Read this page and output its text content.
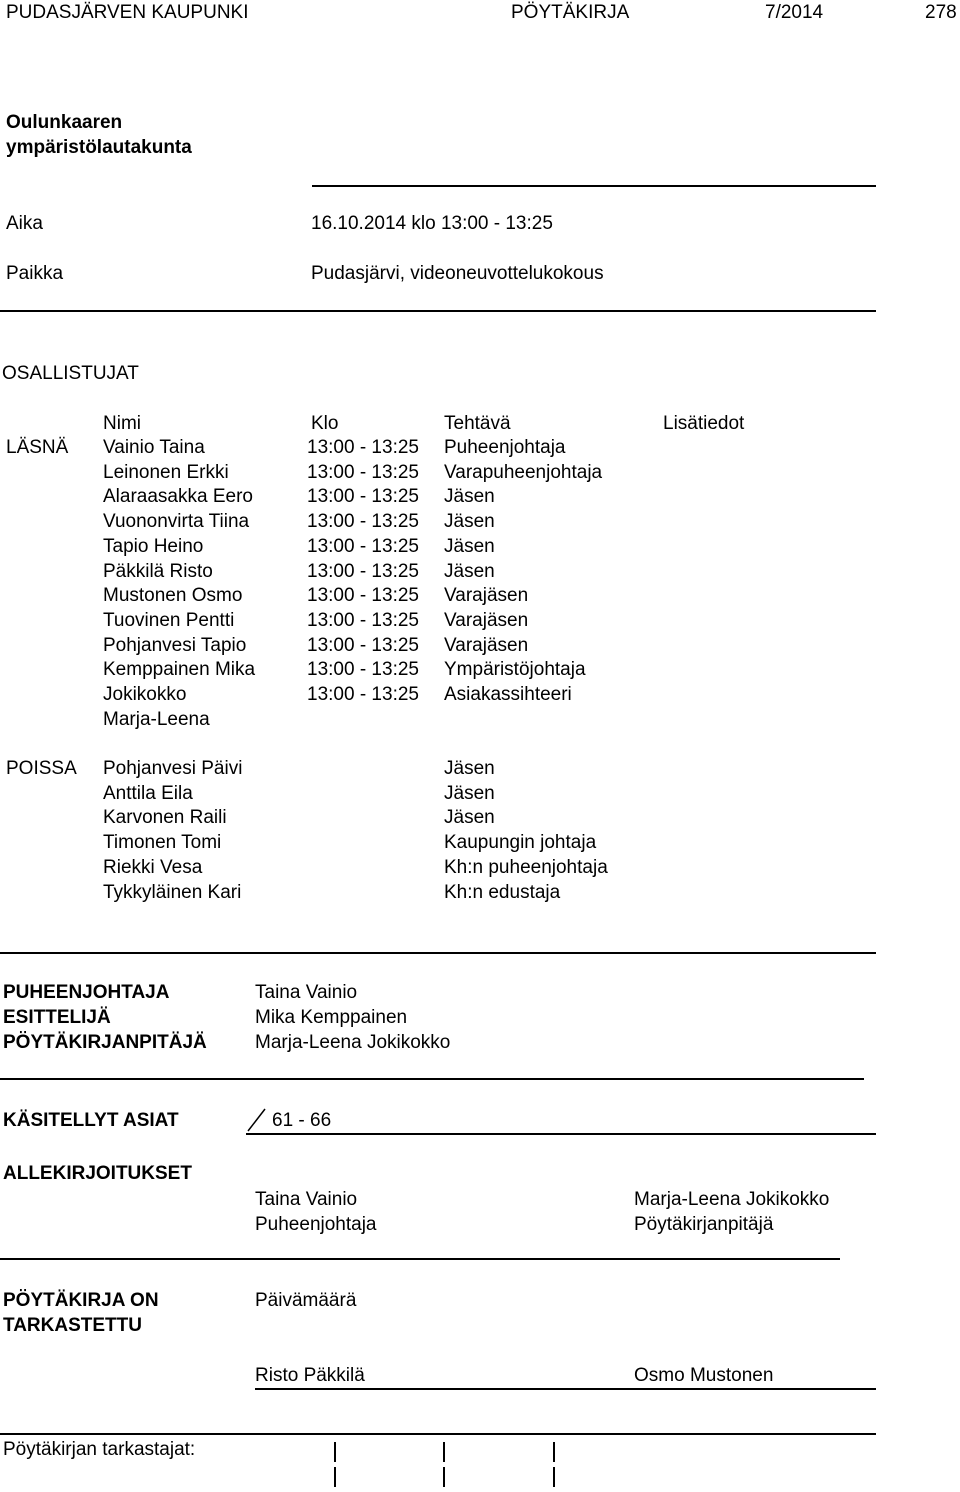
PUDASJÄRVEN KAUPUNKI	PÖYTÄKIRJA	7/2014	278
Oulunkaaren
ympäristölautakunta
Aika	16.10.2014 klo 13:00 - 13:25
Paikka	Pudasjärvi, videoneuvottelukokous
OSALLISTUJAT
Nimi	Klo	Tehtävä	Lisätiedot
LÄSNÄ Vainio Taina	13:00 - 13:25 Puheenjohtaja
Leinonen Erkki	13:00 - 13:25 Varapuheenjohtaja
Alaraasakka Eero	13:00 - 13:25 Jäsen
Vuononvirta Tiina	13:00 - 13:25 Jäsen
Tapio Heino	13:00 - 13:25 Jäsen
Päkkilä Risto	13:00 - 13:25 Jäsen
Mustonen Osmo	13:00 - 13:25 Varajäsen
Tuovinen Pentti	13:00 - 13:25 Varajäsen
Pohjanvesi Tapio	13:00 - 13:25 Varajäsen
Kemppainen Mika	13:00 - 13:25 Ympäristöjohtaja
Jokikokko	13:00 - 13:25 Asiakassihteeri
Marja-Leena
POISSA Pohjanvesi Päivi	Jäsen
Anttila Eila	Jäsen
Karvonen Raili	Jäsen
Timonen Tomi	Kaupungin johtaja
Riekki Vesa	Kh:n puheenjohtaja
Tykkyläinen Kari	Kh:n edustaja
PUHEENJOHTAJA	Taina Vainio
ESITTELIJÄ	Mika Kemppainen
PÖYTÄKIRJANPITÄJÄ	Marja-Leena Jokikokko
KÄSITELLYT ASIAT	61 - 66
ALLEKIRJOITUKSET
Taina Vainio
Puheenjohtaja
Marja-Leena Jokikokko
Pöytäkirjanpitäjä
PÖYTÄKIRJA ON
TARKASTETTU
Päivämäärä
Risto Päkkilä	Osmo Mustonen
Pöytäkirjan tarkastajat:
